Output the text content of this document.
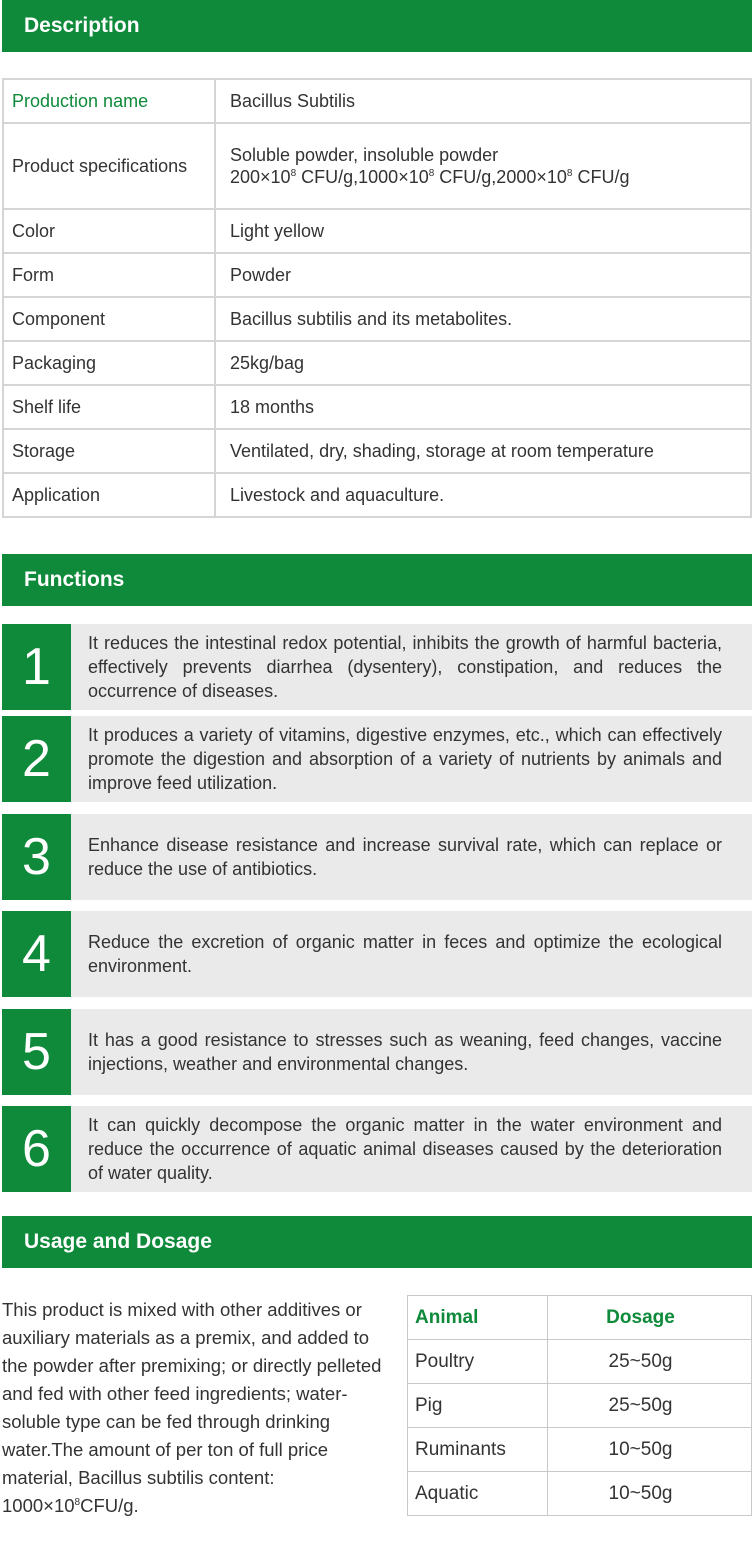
Description
Production name	Bacillus Subtilis
Product specifications	Soluble powder, insoluble powder
$200\times 10^8$ CFU/$g,1000\times 10^8$ CFU/$g,2000\times 10^8$ CFU/g

Color	Light yellow
Form	Powder
Component	Bacillus subtilis and its metabolites.
Packaging	25kg/bag
Shelf life	18 months
Storage	Ventilated, dry, shading, storage at room temperature
Application	Livestock and aquaculture.
Functions
1	It reduces the intestinal redox potential, inhibits the growth of harmful bacteria, effectively prevents diarrhea (dysentery), constipation, and reduces the occurrence of diseases.
2	It produces a variety of vitamins, digestive enzymes, etc., which can effectively promote the digestion and absorption of a variety of nutrients by animals and improve feed utilization.
3	Enhance disease resistance and increase survival rate, which can replace or reduce the use of antibiotics.
4	Reduce the excretion of organic matter in feces and optimize the ecological environment.
5	It has a good resistance to stresses such as weaning, feed changes, vaccine injections, weather and environmental changes.
6	It can quickly decompose the organic matter in the water environment and reduce the occurrence of aquatic animal diseases caused by the deterioration of water quality.
Usage and Dosage
This product is mixed with other additives or auxiliary materials as a premix, and added to the powder after premixing; or directly pelleted and fed with other feed ingredients; water-soluble type can be fed through drinking water.The amount of per ton of full price material, Bacillus subtilis content: $1000\times 10^8CFU/g$.
Animal	Dosage
Poultry	25~50g
Pig	25~50g
Ruminants	10~50g
Aquatic	10~50g
